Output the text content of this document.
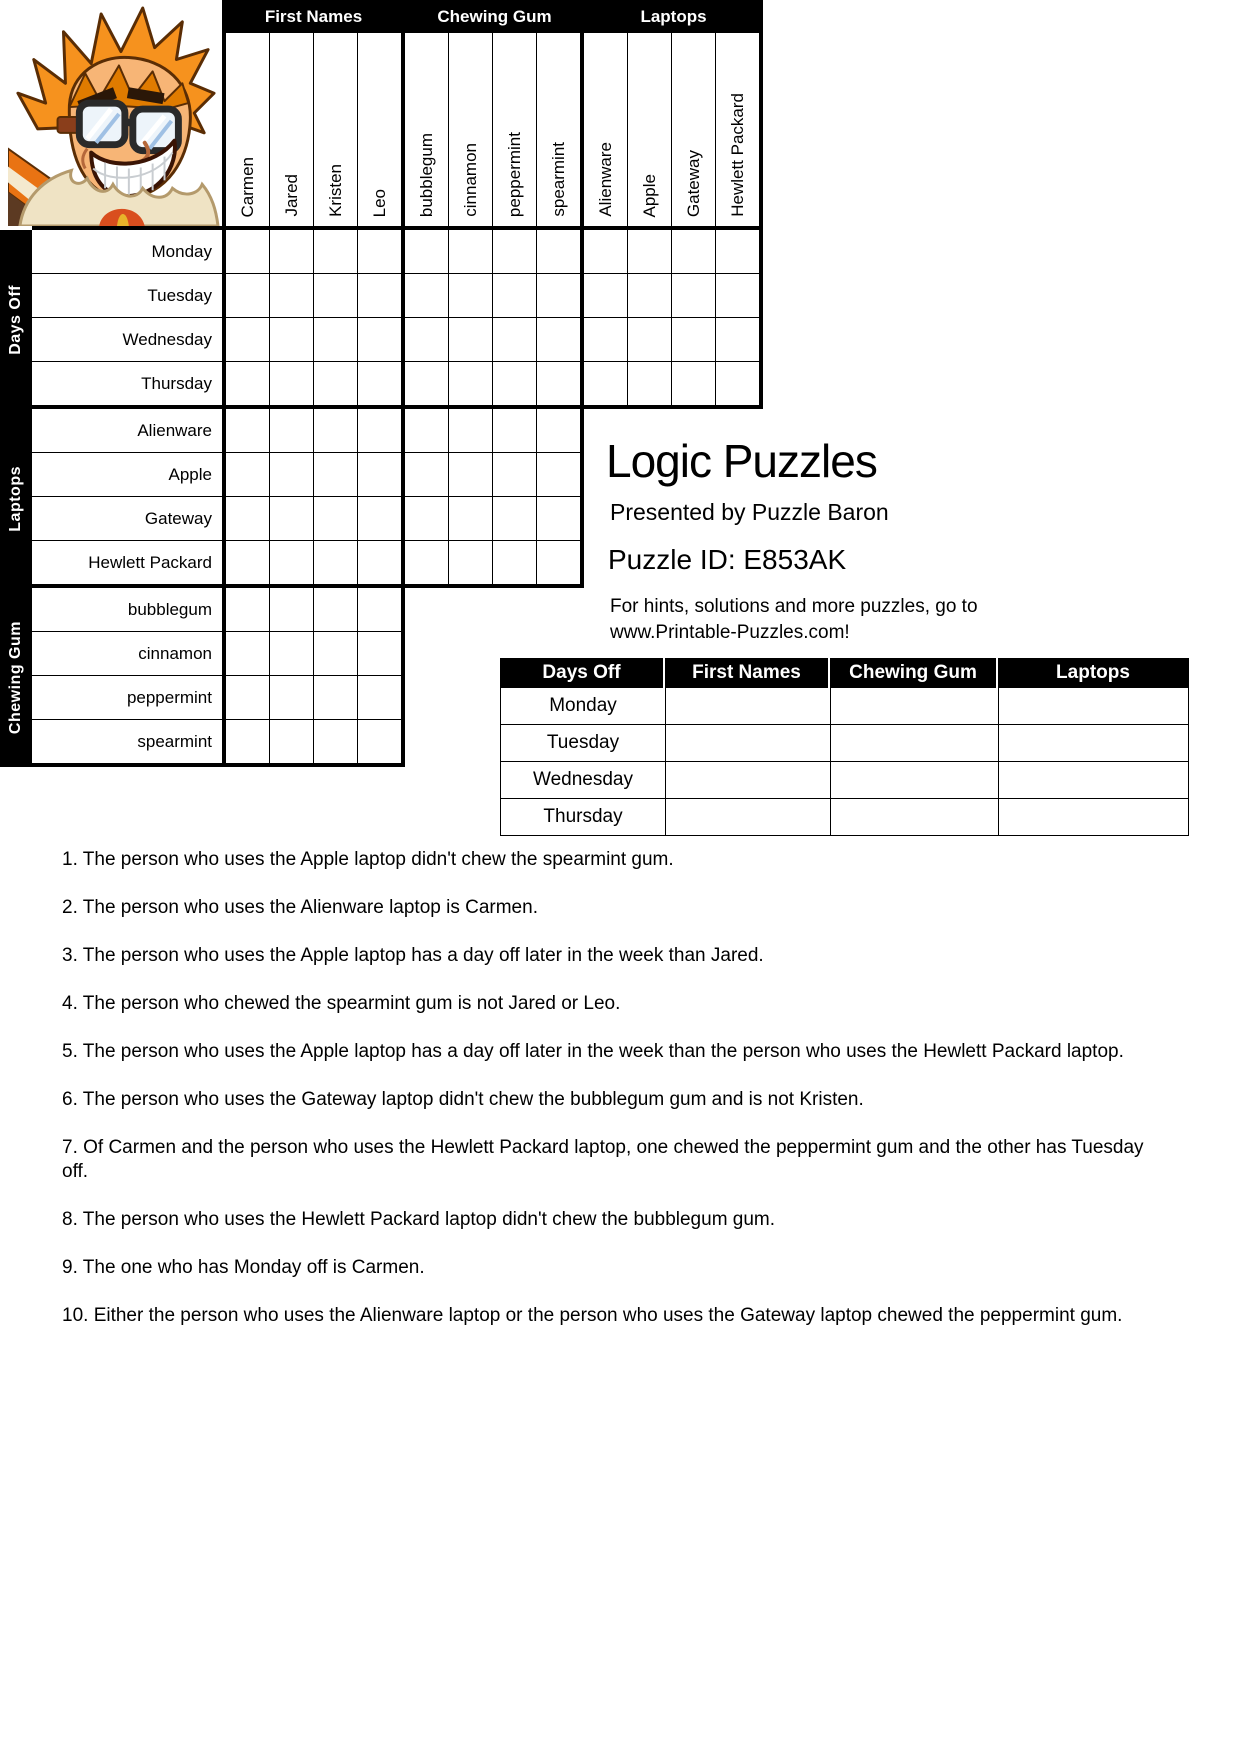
First Names	Chewing Gum	Laptops
Carmen Jared Kristen Leo bubblegum cinnamon peppermint spearmint Alienware Apple Gateway Hewlett Packard
Days Off
Laptops
Chewing Gum
Monday
Tuesday
Wednesday
Thursday
Alienware
Apple
Gateway
Hewlett Packard
bubblegum
cinnamon
peppermint
spearmint
Logic Puzzles
Presented by Puzzle Baron
Puzzle ID: E853AK
For hints, solutions and more puzzles, go to
www.Printable-Puzzles.com!
Days Off	First Names	Chewing Gum	Laptops
Monday
Tuesday
Wednesday
Thursday
1. The person who uses the Apple laptop didn't chew the spearmint gum.
2. The person who uses the Alienware laptop is Carmen.
3. The person who uses the Apple laptop has a day off later in the week than Jared.
4. The person who chewed the spearmint gum is not Jared or Leo.
5. The person who uses the Apple laptop has a day off later in the week than the person who uses the Hewlett Packard laptop.
6. The person who uses the Gateway laptop didn't chew the bubblegum gum and is not Kristen.
7. Of Carmen and the person who uses the Hewlett Packard laptop, one chewed the peppermint gum and the other has Tuesday off.
8. The person who uses the Hewlett Packard laptop didn't chew the bubblegum gum.
9. The one who has Monday off is Carmen.
10. Either the person who uses the Alienware laptop or the person who uses the Gateway laptop chewed the peppermint gum.
